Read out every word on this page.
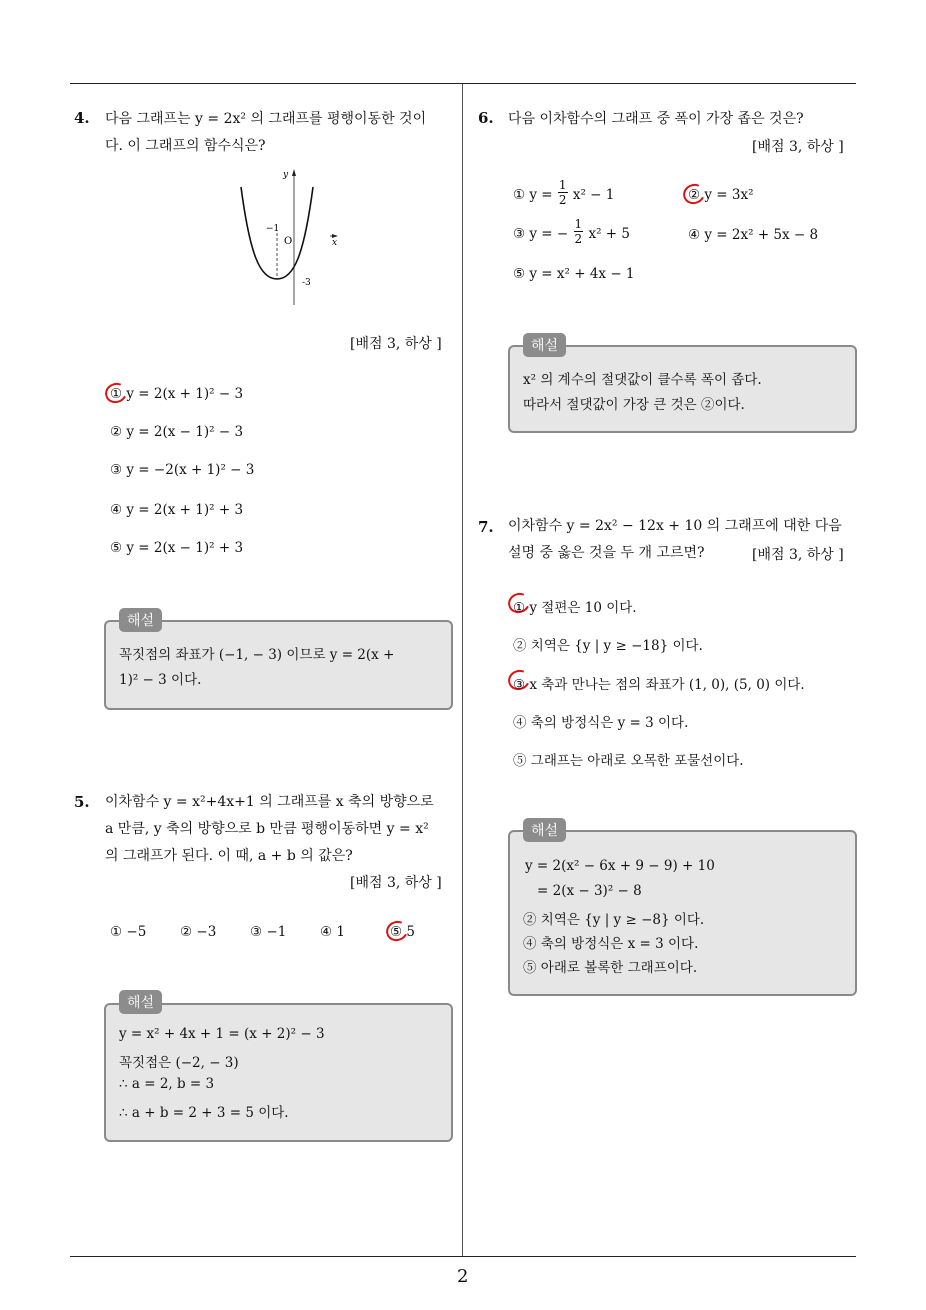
4. 다음 그래프는 y = 2x² 의 그래프를 평행이동한 것이
다. 이 그래프의 함수식은?
y
x
−1
O
-3
[배점 3, 하상 ]
① y = 2(x + 1)² − 3
② y = 2(x − 1)² − 3
③ y = −2(x + 1)² − 3
④ y = 2(x + 1)² + 3
⑤ y = 2(x − 1)² + 3
꼭짓점의 좌표가 (−1, − 3) 이므로 y = 2(x +
1)² − 3 이다.
해설
5. 이차함수 y = x²+4x+1 의 그래프를 x 축의 방향으로
a 만큼, y 축의 방향으로 b 만큼 평행이동하면 y = x²
의 그래프가 된다. 이 때, a + b 의 값은?
[배점 3, 하상 ]
① −5 ② −3 ③ −1 ④ 1	⑤ 5
y = x² + 4x + 1 = (x + 2)² − 3
꼭짓점은 (−2, − 3)
∴ a = 2, b = 3
∴ a + b = 2 + 3 = 5 이다.
해설
6. 다음 이차함수의 그래프 중 폭이 가장 좁은 것은?
[배점 3, 하상 ]
① $y = \frac{1}{2} x^2 - 1$	② y = 3x²
③ y = − $\frac{1}{2} x^2 + 5$	④ y = 2x² + 5x − 8
⑤ y = x² + 4x − 1
x² 의 계수의 절댓값이 클수록 폭이 좁다.
따라서 절댓값이 가장 큰 것은 ②이다.
해설
7. 이차함수 y = 2x² − 12x + 10 의 그래프에 대한 다음
설명 중 옳은 것을 두 개 고르면?	[배점 3, 하상 ]
① y 절편은 10 이다.
② 치역은 {y | y ≥ −18} 이다.
③ x 축과 만나는 점의 좌표가 (1, 0), (5, 0) 이다.
④ 축의 방정식은 y = 3 이다.
⑤ 그래프는 아래로 오목한 포물선이다.
y = 2(x² − 6x + 9 − 9) + 10
= 2(x − 3)² − 8
② 치역은 {y | y ≥ −8} 이다.
④ 축의 방정식은 x = 3 이다.
⑤ 아래로 볼록한 그래프이다.
해설
2
